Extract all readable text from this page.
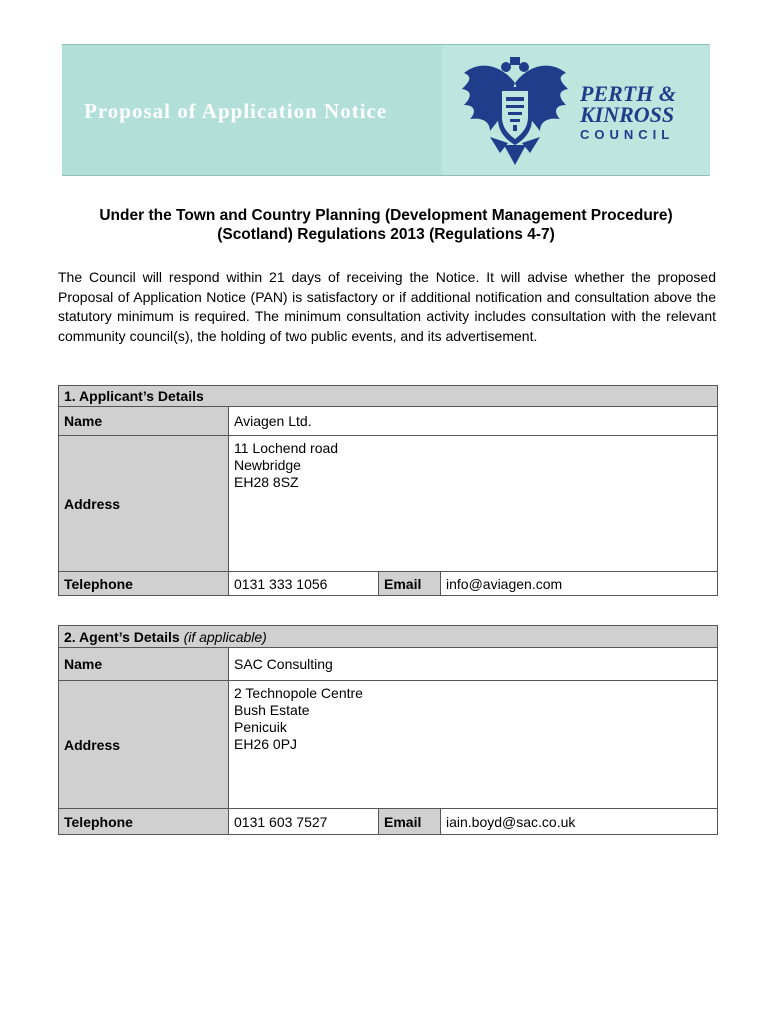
Proposal of Application Notice
PERTH &
KINROSS
COUNCIL
Under the Town and Country Planning (Development Management Procedure) (Scotland) Regulations 2013 (Regulations 4-7)
The Council will respond within 21 days of receiving the Notice. It will advise whether the proposed Proposal of Application Notice (PAN) is satisfactory or if additional notification and consultation above the statutory minimum is required. The minimum consultation activity includes consultation with the relevant community council(s), the holding of two public events, and its advertisement.
1. Applicant’s Details			
Name	Aviagen Ltd.		
Address	11 Lochend road
Newbridge
EH28 8SZ		

Telephone	0131 333 1056	Email	info@aviagen.com
2. Agent’s Details (if applicable)			
Name	SAC Consulting		
Address	2 Technopole Centre
Bush Estate
Penicuik
EH26 0PJ		

Telephone	0131 603 7527	Email	iain.boyd@sac.co.uk
